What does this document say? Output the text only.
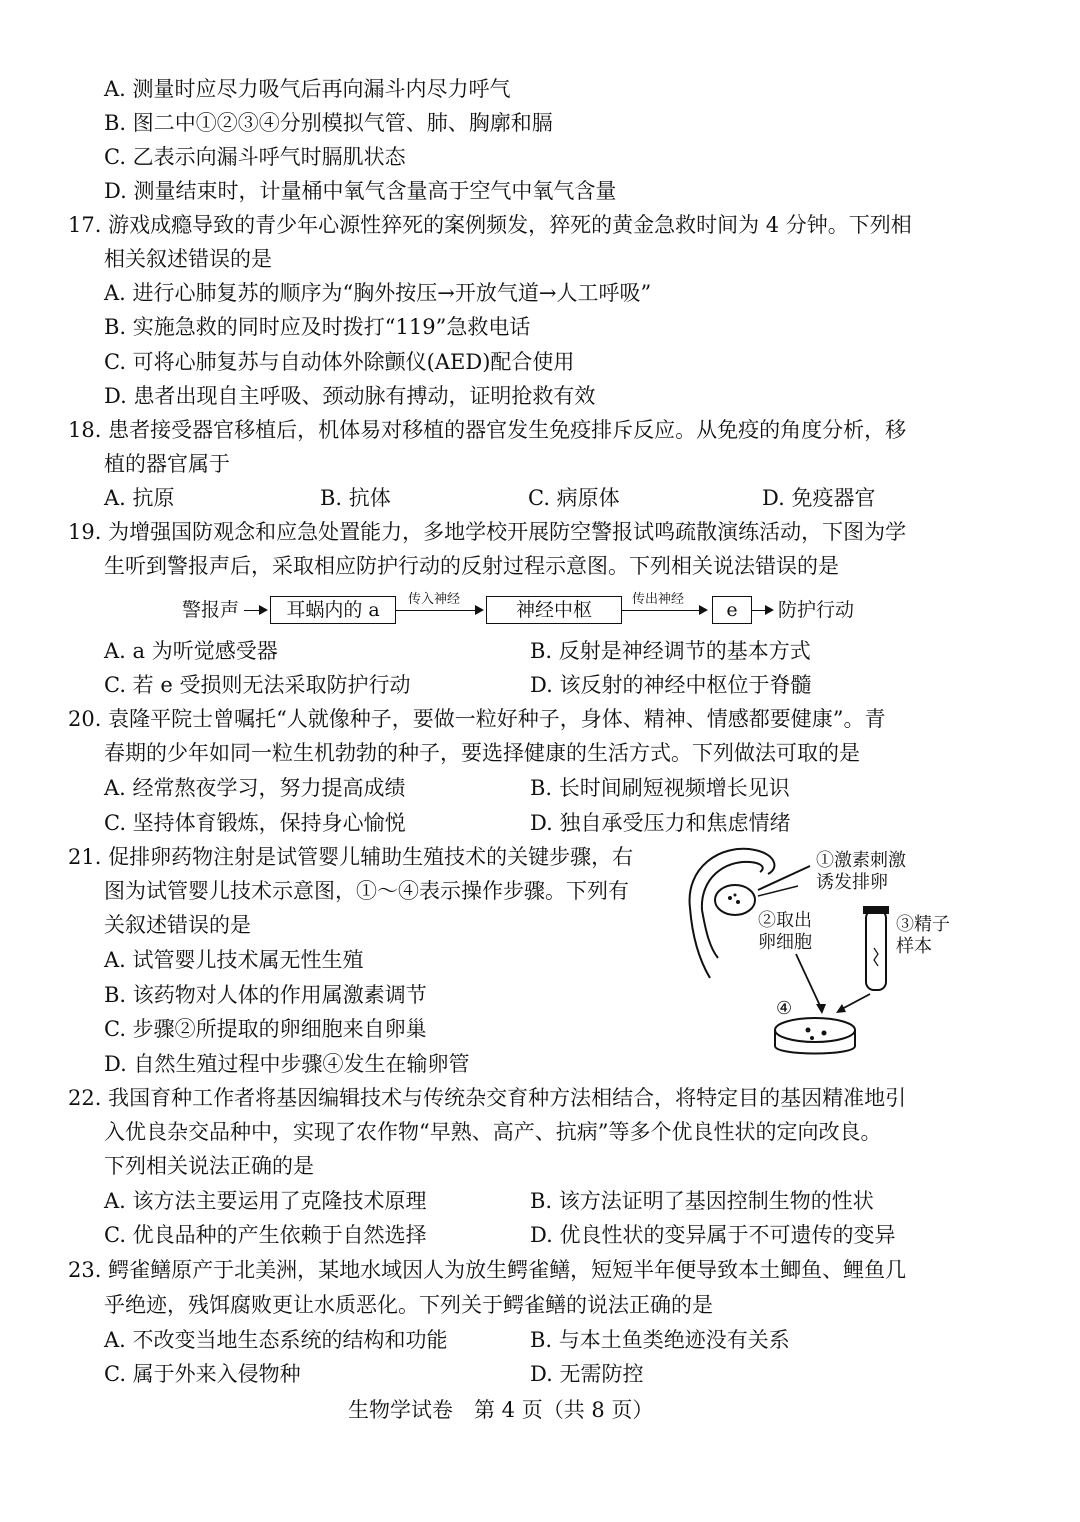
A. 测量时应尽力吸气后再向漏斗内尽力呼气
B. 图二中①②③④分别模拟气管、肺、胸廓和膈
C. 乙表示向漏斗呼气时膈肌状态
D. 测量结束时，计量桶中氧气含量高于空气中氧气含量
17. 游戏成瘾导致的青少年心源性猝死的案例频发，猝死的黄金急救时间为 4 分钟。下列相
相关叙述错误的是
A. 进行心肺复苏的顺序为“胸外按压→开放气道→人工呼吸”
B. 实施急救的同时应及时拨打“119”急救电话
C. 可将心肺复苏与自动体外除颤仪(AED)配合使用
D. 患者出现自主呼吸、颈动脉有搏动，证明抢救有效
18. 患者接受器官移植后，机体易对移植的器官发生免疫排斥反应。从免疫的角度分析，移
植的器官属于
A. 抗原	B. 抗体	C. 病原体	D. 免疫器官
19. 为增强国防观念和应急处置能力，多地学校开展防空警报试鸣疏散演练活动，下图为学
生听到警报声后，采取相应防护行动的反射过程示意图。下列相关说法错误的是
警报声	耳蜗内的 a	传入神经	神经中枢	传出神经	e	防护行动
A. a 为听觉感受器	B. 反射是神经调节的基本方式
C. 若 e 受损则无法采取防护行动	D. 该反射的神经中枢位于脊髓
20. 袁隆平院士曾嘱托“人就像种子，要做一粒好种子，身体、精神、情感都要健康”。青
春期的少年如同一粒生机勃勃的种子，要选择健康的生活方式。下列做法可取的是
A. 经常熬夜学习，努力提高成绩	B. 长时间刷短视频增长见识
C. 坚持体育锻炼，保持身心愉悦	D. 独自承受压力和焦虑情绪
21. 促排卵药物注射是试管婴儿辅助生殖技术的关键步骤，右
图为试管婴儿技术示意图，①～④表示操作步骤。下列有
关叙述错误的是
A. 试管婴儿技术属无性生殖
B. 该药物对人体的作用属激素调节
C. 步骤②所提取的卵细胞来自卵巢
D. 自然生殖过程中步骤④发生在输卵管
①激素刺激
诱发排卵
②取出
卵细胞
③精子
样本
④
22. 我国育种工作者将基因编辑技术与传统杂交育种方法相结合，将特定目的基因精准地引
入优良杂交品种中，实现了农作物“早熟、高产、抗病”等多个优良性状的定向改良。
下列相关说法正确的是
A. 该方法主要运用了克隆技术原理	B. 该方法证明了基因控制生物的性状
C. 优良品种的产生依赖于自然选择	D. 优良性状的变异属于不可遗传的变异
23. 鳄雀鳝原产于北美洲，某地水域因人为放生鳄雀鳝，短短半年便导致本土鲫鱼、鲤鱼几
乎绝迹，残饵腐败更让水质恶化。下列关于鳄雀鳝的说法正确的是
A. 不改变当地生态系统的结构和功能	B. 与本土鱼类绝迹没有关系
C. 属于外来入侵物种	D. 无需防控
生物学试卷　第 4 页（共 8 页）
